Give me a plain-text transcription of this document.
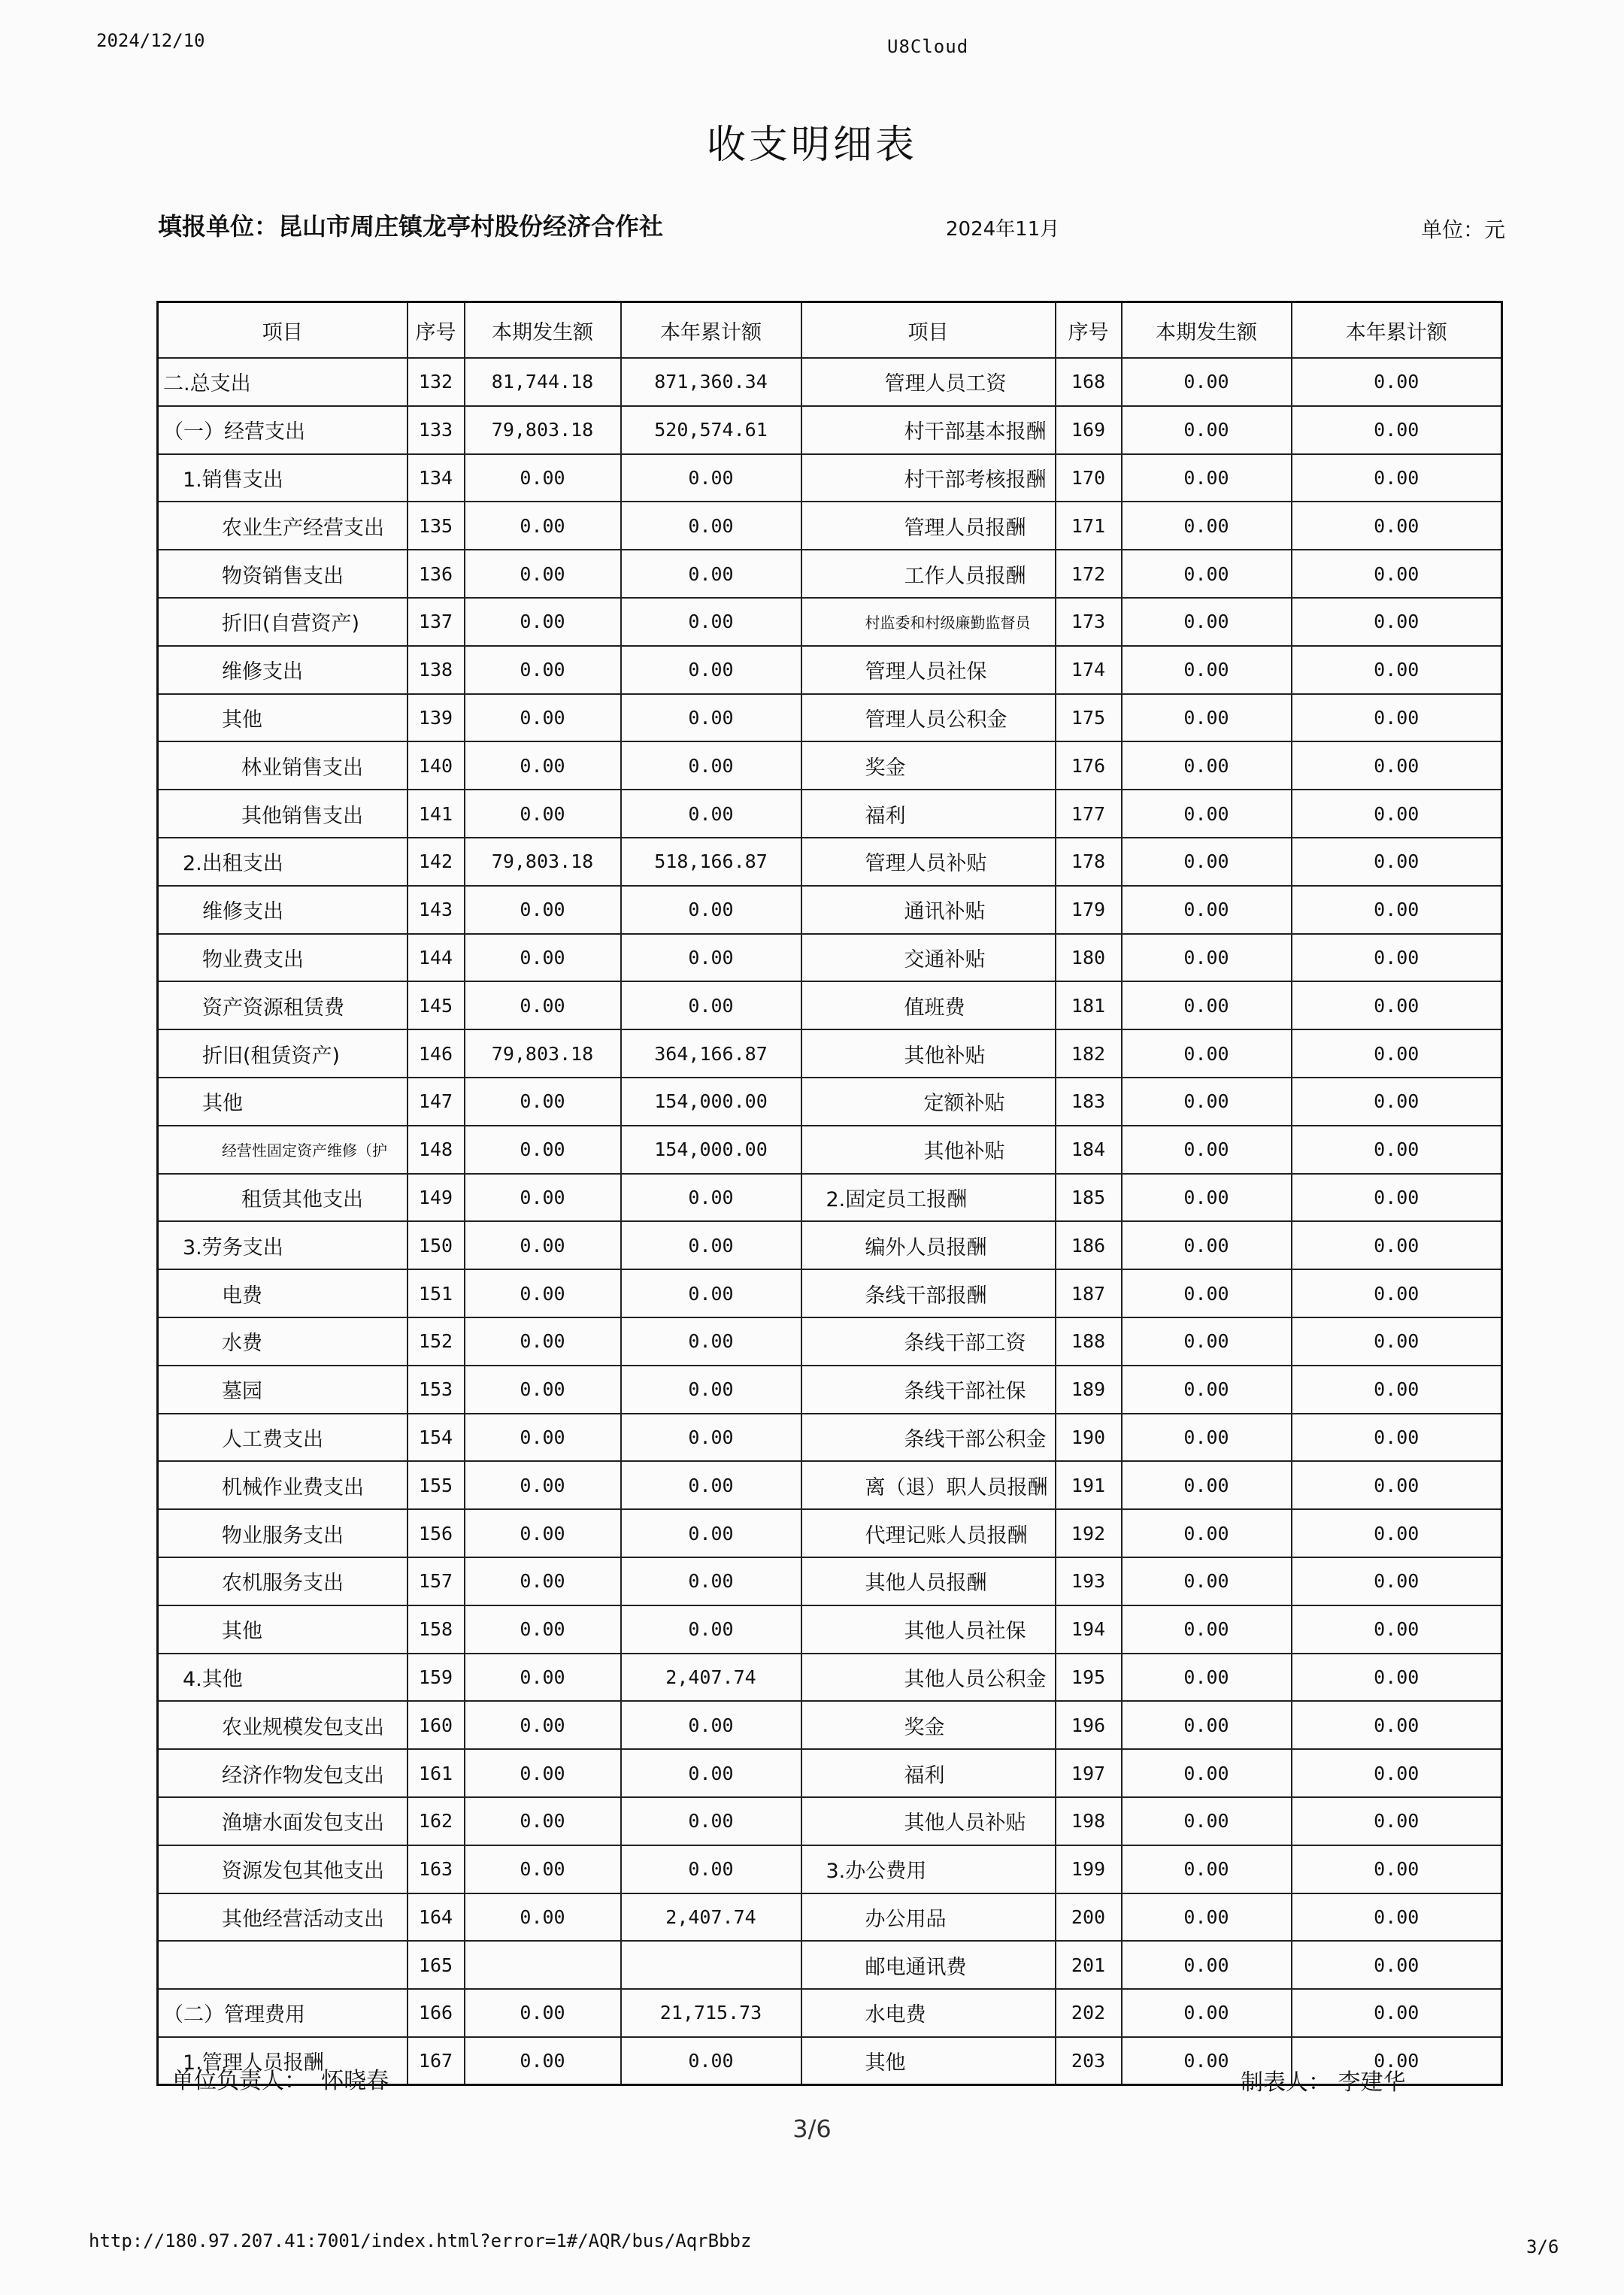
2024/12/10	U8Cloud
收支明细表
填报单位：昆山市周庄镇龙亭村股份经济合作社	2024年11月	单位：元
项目	序号	本期发生额	本年累计额	项目	序号	本期发生额	本年累计额
二.总支出	132	81,744.18	871,360.34	管理人员工资	168	0.00	0.00
（一）经营支出	133	79,803.18	520,574.61	村干部基本报酬	169	0.00	0.00
1.销售支出	134	0.00	0.00	村干部考核报酬	170	0.00	0.00
农业生产经营支出	135	0.00	0.00	管理人员报酬	171	0.00	0.00
物资销售支出	136	0.00	0.00	工作人员报酬	172	0.00	0.00
折旧(自营资产)	137	0.00	0.00	村监委和村级廉勤监督员	173	0.00	0.00
维修支出	138	0.00	0.00	管理人员社保	174	0.00	0.00
其他	139	0.00	0.00	管理人员公积金	175	0.00	0.00
林业销售支出	140	0.00	0.00	奖金	176	0.00	0.00
其他销售支出	141	0.00	0.00	福利	177	0.00	0.00
2.出租支出	142	79,803.18	518,166.87	管理人员补贴	178	0.00	0.00
维修支出	143	0.00	0.00	通讯补贴	179	0.00	0.00
物业费支出	144	0.00	0.00	交通补贴	180	0.00	0.00
资产资源租赁费	145	0.00	0.00	值班费	181	0.00	0.00
折旧(租赁资产)	146	79,803.18	364,166.87	其他补贴	182	0.00	0.00
其他	147	0.00	154,000.00	定额补贴	183	0.00	0.00
经营性固定资产维修（护	148	0.00	154,000.00	其他补贴	184	0.00	0.00
租赁其他支出	149	0.00	0.00	2.固定员工报酬	185	0.00	0.00
3.劳务支出	150	0.00	0.00	编外人员报酬	186	0.00	0.00
电费	151	0.00	0.00	条线干部报酬	187	0.00	0.00
水费	152	0.00	0.00	条线干部工资	188	0.00	0.00
墓园	153	0.00	0.00	条线干部社保	189	0.00	0.00
人工费支出	154	0.00	0.00	条线干部公积金	190	0.00	0.00
机械作业费支出	155	0.00	0.00	离（退）职人员报酬	191	0.00	0.00
物业服务支出	156	0.00	0.00	代理记账人员报酬	192	0.00	0.00
农机服务支出	157	0.00	0.00	其他人员报酬	193	0.00	0.00
其他	158	0.00	0.00	其他人员社保	194	0.00	0.00
4.其他	159	0.00	2,407.74	其他人员公积金	195	0.00	0.00
农业规模发包支出	160	0.00	0.00	奖金	196	0.00	0.00
经济作物发包支出	161	0.00	0.00	福利	197	0.00	0.00
渔塘水面发包支出	162	0.00	0.00	其他人员补贴	198	0.00	0.00
资源发包其他支出	163	0.00	0.00	3.办公费用	199	0.00	0.00
其他经营活动支出	164	0.00	2,407.74	办公用品	200	0.00	0.00
	165			邮电通讯费	201	0.00	0.00
（二）管理费用	166	0.00	21,715.73	水电费	202	0.00	0.00
1.管理人员报酬	167	0.00	0.00	其他	203	0.00	0.00
单位负责人： 怀晓春	制表人： 李建华
3/6
http://180.97.207.41:7001/index.html?error=1#/AQR/bus/AqrBbbz	3/6
